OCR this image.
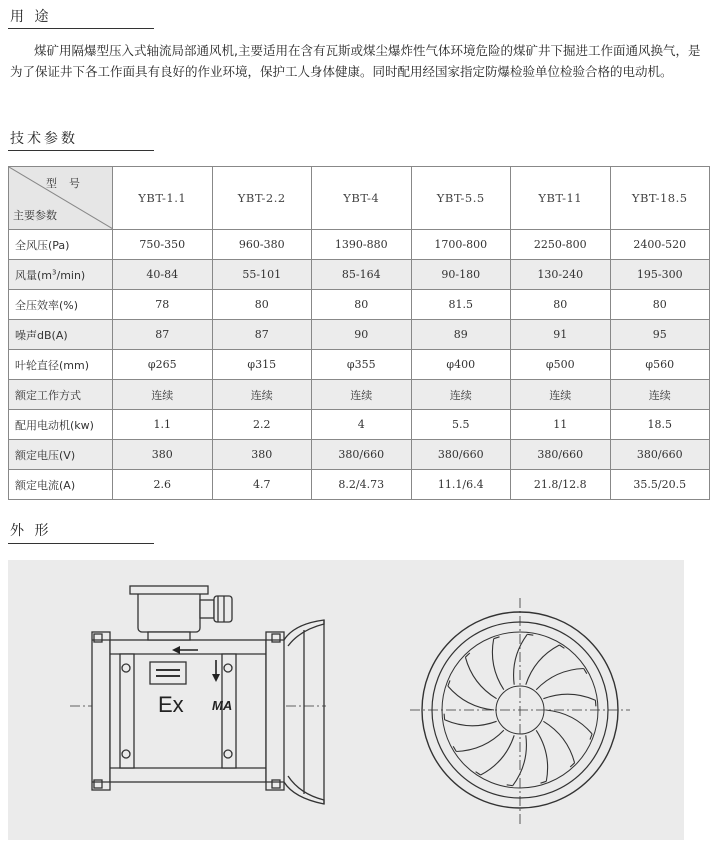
用 途

煤矿用隔爆型压入式轴流局部通风机,主要适用在含有瓦斯或煤尘爆炸性气体环境危险的煤矿井下掘进工作面通风换气，是为了保证井下各工作面具有良好的作业环境，保护工人身体健康。同时配用经国家指定防爆检验单位检验合格的电动机。

技术参数
型号
主要参数	YBT-1.1	YBT-2.2	YBT-4	YBT-5.5	YBT-11	YBT-18.5
全风压(Pa)	750-350	960-380	1390-880	1700-800	2250-800	2400-520
风量$(m^3/\min)$	40-84	55-101	85-164	90-180	130-240	195-300
全压效率(%)	78	80	80	81.5	80	80
噪声dB(A)	87	87	90	89	91	95
叶轮直径(mm)	φ265	φ315	φ355	φ400	φ500	φ560
额定工作方式	连续	连续	连续	连续	连续	连续
配用电动机(kw)	1.1	2.2	4	5.5	11	18.5
额定电压(V)	380	380	380/660	380/660	380/660	380/660
额定电流(A)	2.6	4.7	8.2/4.73	11.1/6.4	21.8/12.8	35.5/20.5
外 形
Ex MA
